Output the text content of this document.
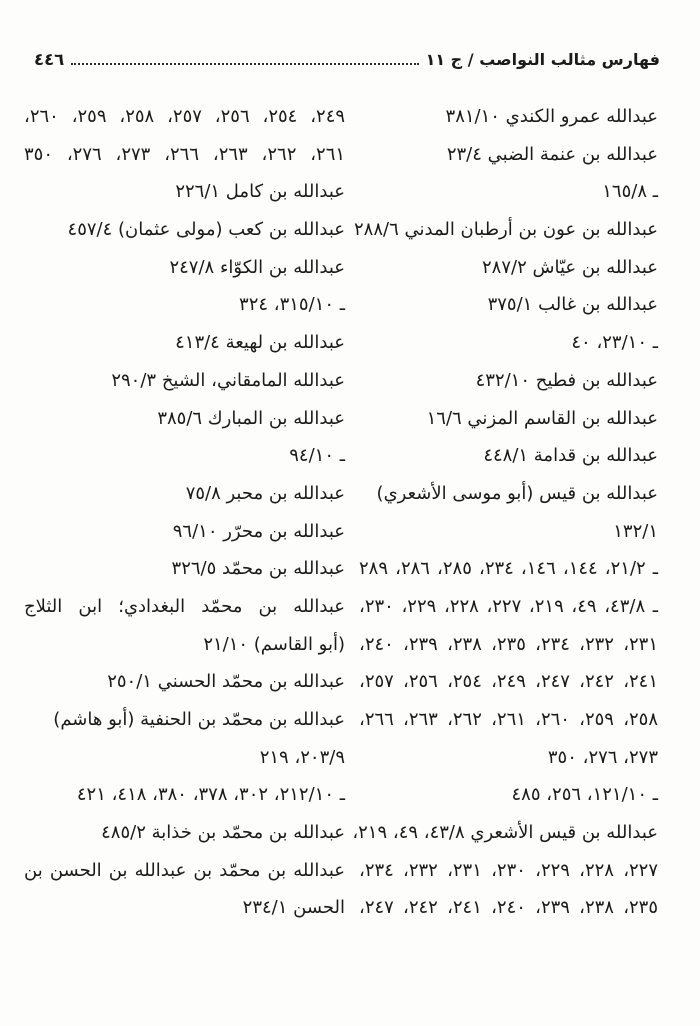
فهارس مثالب النواصب / ج ١١
٤٤٦
عبدالله عمرو الكندي ٣٨١/١٠
عبدالله بن عنمة الضبي ٢٣/٤
ـ ١٦٥/٨
عبدالله بن عون بن أرطبان المدني ٢٨٨/٦
عبدالله بن عيّاش ٢٨٧/٢
عبدالله بن غالب ٣٧٥/١
ـ ٢٣/١٠، ٤٠
عبدالله بن فطيح ٤٣٢/١٠
عبدالله بن القاسم المزني ١٦/٦
عبدالله بن قدامة ٤٤٨/١
عبدالله بن قيس (أبو موسى الأشعري)
١٣٢/١
ـ ٢١/٢، ١٤٤، ١٤٦، ٢٣٤، ٢٨٥، ٢٨٦، ٢٨٩
ـ ٤٣/٨، ٤٩، ٢١٩، ٢٢٧، ٢٢٨، ٢٢٩، ٢٣٠،
٢٣١، ٢٣٢، ٢٣٤، ٢٣٥، ٢٣٨، ٢٣٩، ٢٤٠،
٢٤١، ٢٤٢، ٢٤٧، ٢٤٩، ٢٥٤، ٢٥٦، ٢٥٧،
٢٥٨، ٢٥٩، ٢٦٠، ٢٦١، ٢٦٢، ٢٦٣، ٢٦٦،
٢٧٣، ٢٧٦، ٣٥٠
ـ ١٢١/١٠، ٢٥٦، ٤٨٥
عبدالله بن قيس الأشعري ٤٣/٨، ٤٩، ٢١٩،
٢٢٧، ٢٢٨، ٢٢٩، ٢٣٠، ٢٣١، ٢٣٢، ٢٣٤،
٢٣٥، ٢٣٨، ٢٣٩، ٢٤٠، ٢٤١، ٢٤٢، ٢٤٧،
٢٤٩، ٢٥٤، ٢٥٦، ٢٥٧، ٢٥٨، ٢٥٩، ٢٦٠،
٢٦١، ٢٦٢، ٢٦٣، ٢٦٦، ٢٧٣، ٢٧٦، ٣٥٠
عبدالله بن كامل ٢٢٦/١
عبدالله بن كعب (مولى عثمان) ٤٥٧/٤
عبدالله بن الكوّاء ٢٤٧/٨
ـ ٣١٥/١٠، ٣٢٤
عبدالله بن لهيعة ٤١٣/٤
عبدالله المامقاني، الشيخ ٢٩٠/٣
عبدالله بن المبارك ٣٨٥/٦
ـ ٩٤/١٠
عبدالله بن محبر ٧٥/٨
عبدالله بن محرّر ٩٦/١٠
عبدالله بن محمّد ٣٢٦/٥
عبدالله بن محمّد البغدادي؛ ابن الثلاج
(أبو القاسم) ٢١/١٠
عبدالله بن محمّد الحسني ٢٥٠/١
عبدالله بن محمّد بن الحنفية (أبو هاشم)
٢٠٣/٩، ٢١٩
ـ ٢١٢/١٠، ٣٠٢، ٣٧٨، ٣٨٠، ٤١٨، ٤٢١
عبدالله بن محمّد بن خذابة ٤٨٥/٢
عبدالله بن محمّد بن عبدالله بن الحسن بن
الحسن ٢٣٤/١
